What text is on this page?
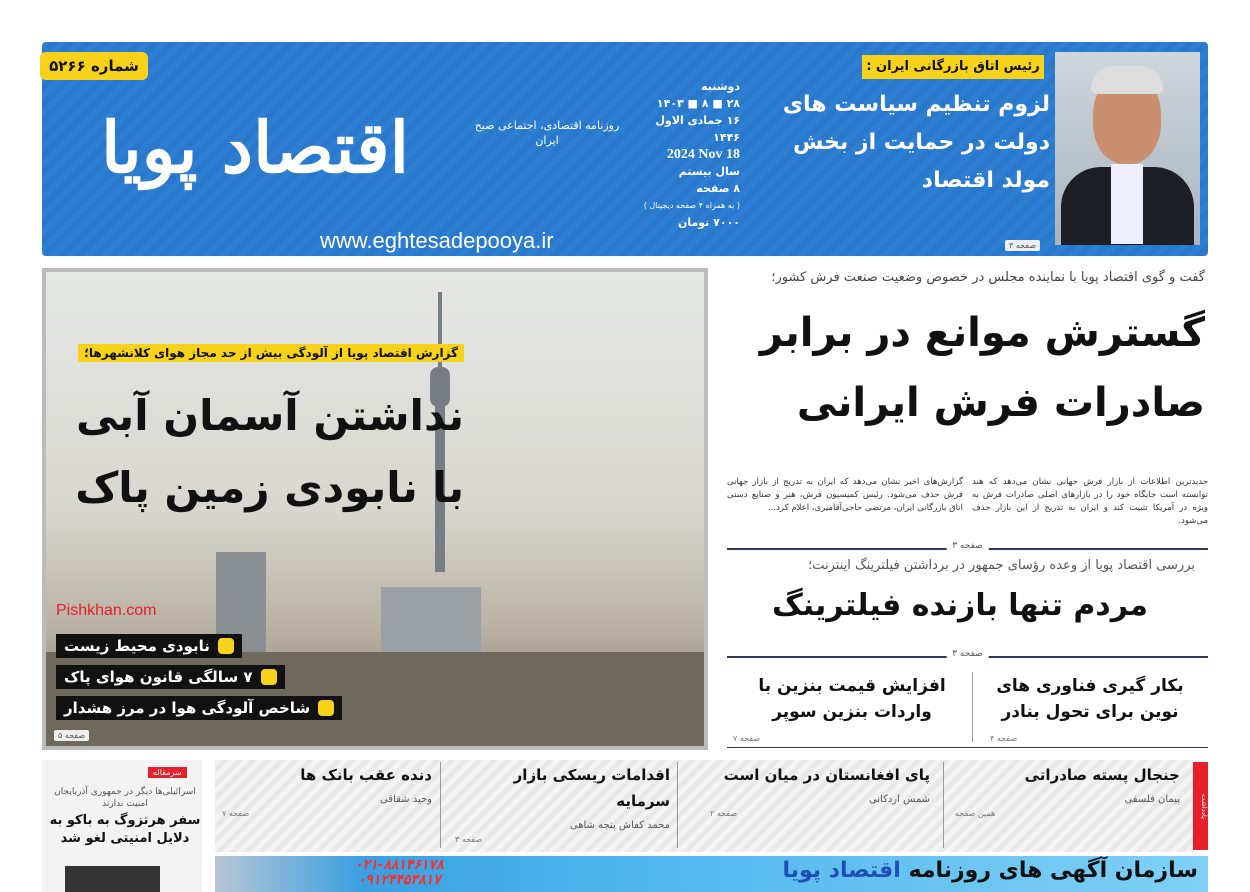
شماره ۵۲۶۶
اقتصاد پویا	روزنامه اقتصادی، اجتماعی صبح ایران
www.eghtesadepooya.ir
دوشنبه
۲۸ ■ ۸ ■ ۱۴۰۳
۱۶ جمادی الاول ۱۴۴۶
2024 Nov 18
سال بیستم
۸ صفحه
( به همراه ۴ صفحه دیجیتال )
۷۰۰۰ تومان
رئیس اتاق بازرگانی ایران :
لزوم تنظیم سیاست های دولت در حمایت از بخش مولد اقتصاد
صفحه ۳
گزارش اقتصاد پویا از آلودگی بیش از حد مجاز هوای کلانشهرها؛
نداشتن آسمان آبی
با نابودی زمین پاک
Pishkhan.com
نابودی محیط زیست
۷ سالگی قانون هوای پاک
شاخص آلودگی هوا در مرز هشدار
صفحه ۵
گفت و گوی اقتصاد پویا با نماینده مجلس در خصوص وضعیت صنعت فرش کشور؛
گسترش موانع در برابر
صادرات فرش ایرانی
جدیدترین اطلاعات از بازار فرش جهانی نشان می‌دهد که هند توانسته است جایگاه خود را در بازارهای اصلی صادرات فرش به ویژه در آمریکا تثبیت کند و ایران به تدریج از این بازار حذف می‌شود.
گزارش‌های اخیر نشان می‌دهد که ایران به تدریج از بازار جهانی فرش حذف می‌شود. رئیس کمیسیون فرش، هنر و صنایع دستی اتاق بازرگانی ایران، مرتضی حاجی‌آقامیری، اعلام کرد...
صفحه ۳
بررسی اقتصاد پویا از وعده رؤسای جمهور در برداشتن فیلترینگ اینترنت؛
مردم تنها بازنده فیلترینگ
صفحه ۳
بکار گیری فناوری های نوین برای تحول بنادر
صفحه ۴
افزایش قیمت بنزین با واردات بنزین سوپر
صفحه ۷
یادداشت
جنجال پسته صادراتی
پیمان فلسفی
همین صفحه
پای افغانستان در میان است
شمس اردکانی
صفحه ۲
اقدامات ریسکی بازار سرمایه
محمد کفاش پنجه شاهی
صفحه ۳
دنده عقب بانک ها
وحید شقاقی
صفحه ۷
سرمقاله
اسرائیلی‌ها دیگر در جمهوری آذربایجان امنیت ندارند
سفر هرتزوگ به باکو به دلایل امنیتی لغو شد
سازمان آگهی های روزنامه اقتصاد پویا
۰۲۱-۸۸۱۴۶۱۷۸
۰۹۱۲۴۴۵۳۸۱۷
